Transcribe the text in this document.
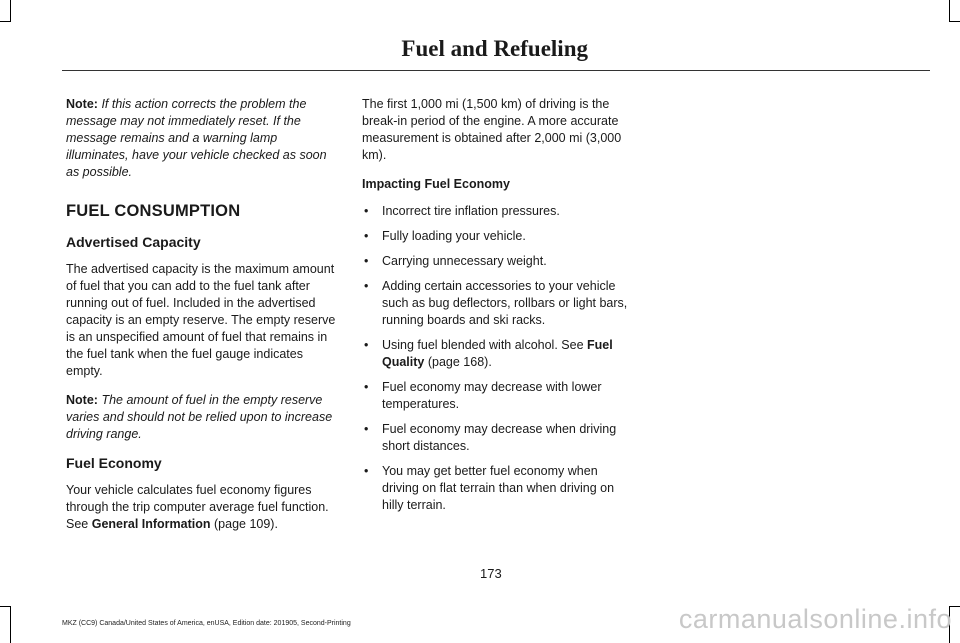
Fuel and Refueling

Note: If this action corrects the problem the message may not immediately reset. If the message remains and a warning lamp illuminates, have your vehicle checked as soon as possible.

FUEL CONSUMPTION
Advertised Capacity

The advertised capacity is the maximum amount of fuel that you can add to the fuel tank after running out of fuel. Included in the advertised capacity is an empty reserve. The empty reserve is an unspecified amount of fuel that remains in the fuel tank when the fuel gauge indicates empty.

Note: The amount of fuel in the empty reserve varies and should not be relied upon to increase driving range.

Fuel Economy

Your vehicle calculates fuel economy figures through the trip computer average fuel function. See General Information (page 109).

The first 1,000 mi (1,500 km) of driving is the break-in period of the engine. A more accurate measurement is obtained after 2,000 mi (3,000 km).

Impacting Fuel Economy
• Incorrect tire inflation pressures.
• Fully loading your vehicle.
• Carrying unnecessary weight.
• Adding certain accessories to your vehicle such as bug deflectors, rollbars or light bars, running boards and ski racks.
• Using fuel blended with alcohol. See Fuel Quality (page 168).
• Fuel economy may decrease with lower temperatures.
• Fuel economy may decrease when driving short distances.
• You may get better fuel economy when driving on flat terrain than when driving on hilly terrain.
173
MKZ (CC9) Canada/United States of America, enUSA, Edition date: 201905, Second-Printing	carmanualsonline.info
